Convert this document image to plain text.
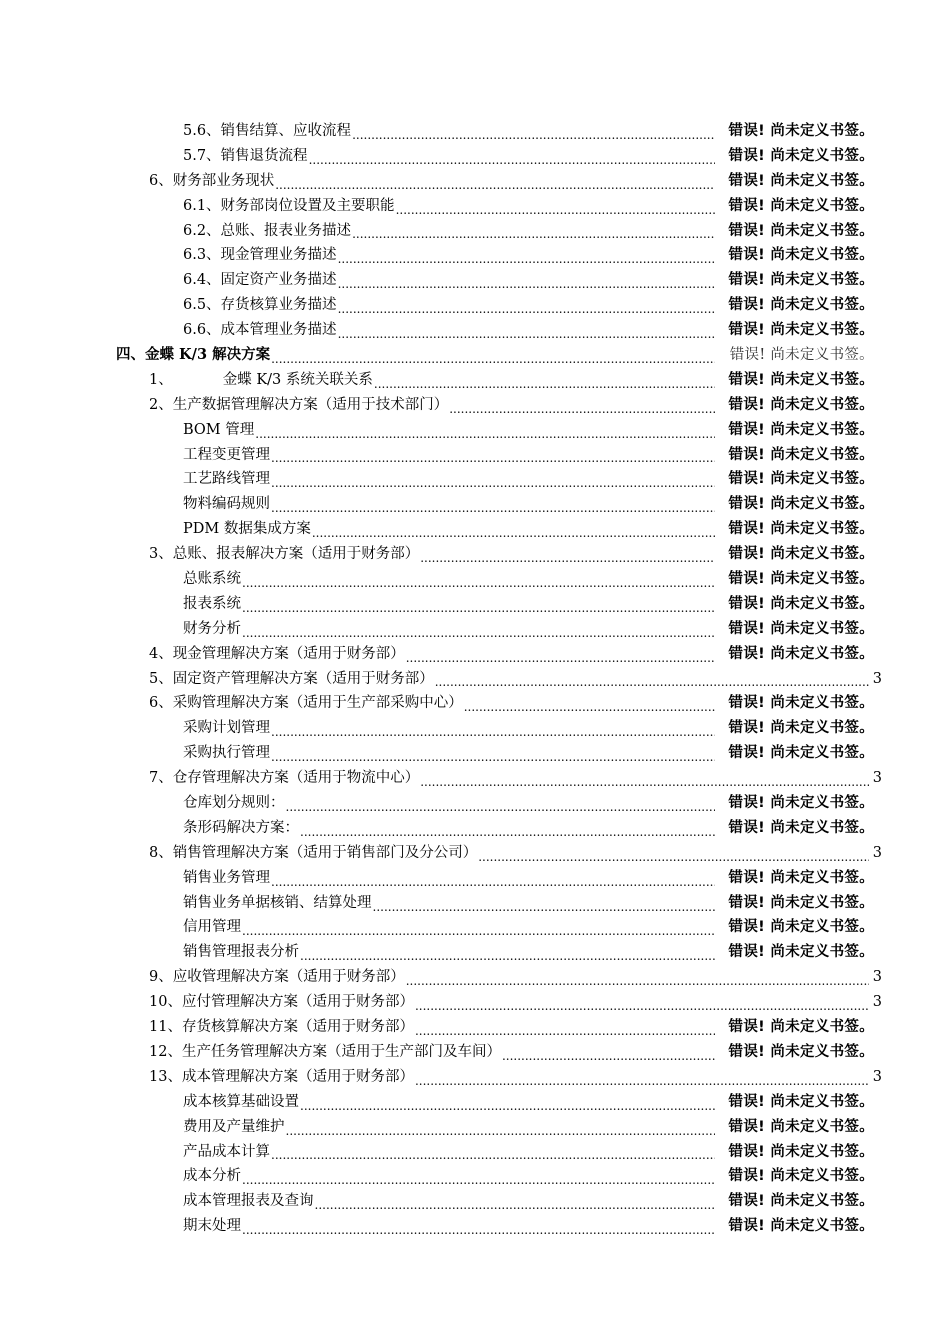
5.6、销售结算、应收流程 .....	错误! 尚未定义书签。
5.7、销售退货流程 .....	错误! 尚未定义书签。
6、财务部业务现状 .....	错误! 尚未定义书签。
6.1、财务部岗位设置及主要职能 .....	错误! 尚未定义书签。
6.2、总账、报表业务描述 .....	错误! 尚未定义书签。
6.3、现金管理业务描述 .....	错误! 尚未定义书签。
6.4、固定资产业务描述 .....	错误! 尚未定义书签。
6.5、存货核算业务描述 .....	错误! 尚未定义书签。
6.6、成本管理业务描述 .....	错误! 尚未定义书签。
四、金蝶 K/3 解决方案 .....	错误! 尚未定义书签。
1、	金蝶 K/3 系统关联关系 .....	错误! 尚未定义书签。
2、生产数据管理解决方案（适用于技术部门） .....	错误! 尚未定义书签。
BOM 管理 .....	错误! 尚未定义书签。
工程变更管理 .....	错误! 尚未定义书签。
工艺路线管理 .....	错误! 尚未定义书签。
物料编码规则 .....	错误! 尚未定义书签。
PDM 数据集成方案 .....	错误! 尚未定义书签。
3、总账、报表解决方案（适用于财务部） .....	错误! 尚未定义书签。
总账系统 .....	错误! 尚未定义书签。
报表系统 .....	错误! 尚未定义书签。
财务分析 .....	错误! 尚未定义书签。
4、现金管理解决方案（适用于财务部） .....	错误! 尚未定义书签。
5、固定资产管理解决方案（适用于财务部） .....	3
6、采购管理解决方案（适用于生产部采购中心） .....	错误! 尚未定义书签。
采购计划管理 .....	错误! 尚未定义书签。
采购执行管理 .....	错误! 尚未定义书签。
7、仓存管理解决方案（适用于物流中心） .....	3
仓库划分规则： .....	错误! 尚未定义书签。
条形码解决方案： .....	错误! 尚未定义书签。
8、销售管理解决方案（适用于销售部门及分公司） .....	3
销售业务管理 .....	错误! 尚未定义书签。
销售业务单据核销、结算处理 .....	错误! 尚未定义书签。
信用管理 .....	错误! 尚未定义书签。
销售管理报表分析 .....	错误! 尚未定义书签。
9、应收管理解决方案（适用于财务部） .....	3
10、应付管理解决方案（适用于财务部） .....	3
11、存货核算解决方案（适用于财务部） .....	错误! 尚未定义书签。
12、生产任务管理解决方案（适用于生产部门及车间） .....	错误! 尚未定义书签。
13、成本管理解决方案（适用于财务部） .....	3
成本核算基础设置 .....	错误! 尚未定义书签。
费用及产量维护 .....	错误! 尚未定义书签。
产品成本计算 .....	错误! 尚未定义书签。
成本分析 .....	错误! 尚未定义书签。
成本管理报表及查询 .....	错误! 尚未定义书签。
期末处理 .....	错误! 尚未定义书签。
